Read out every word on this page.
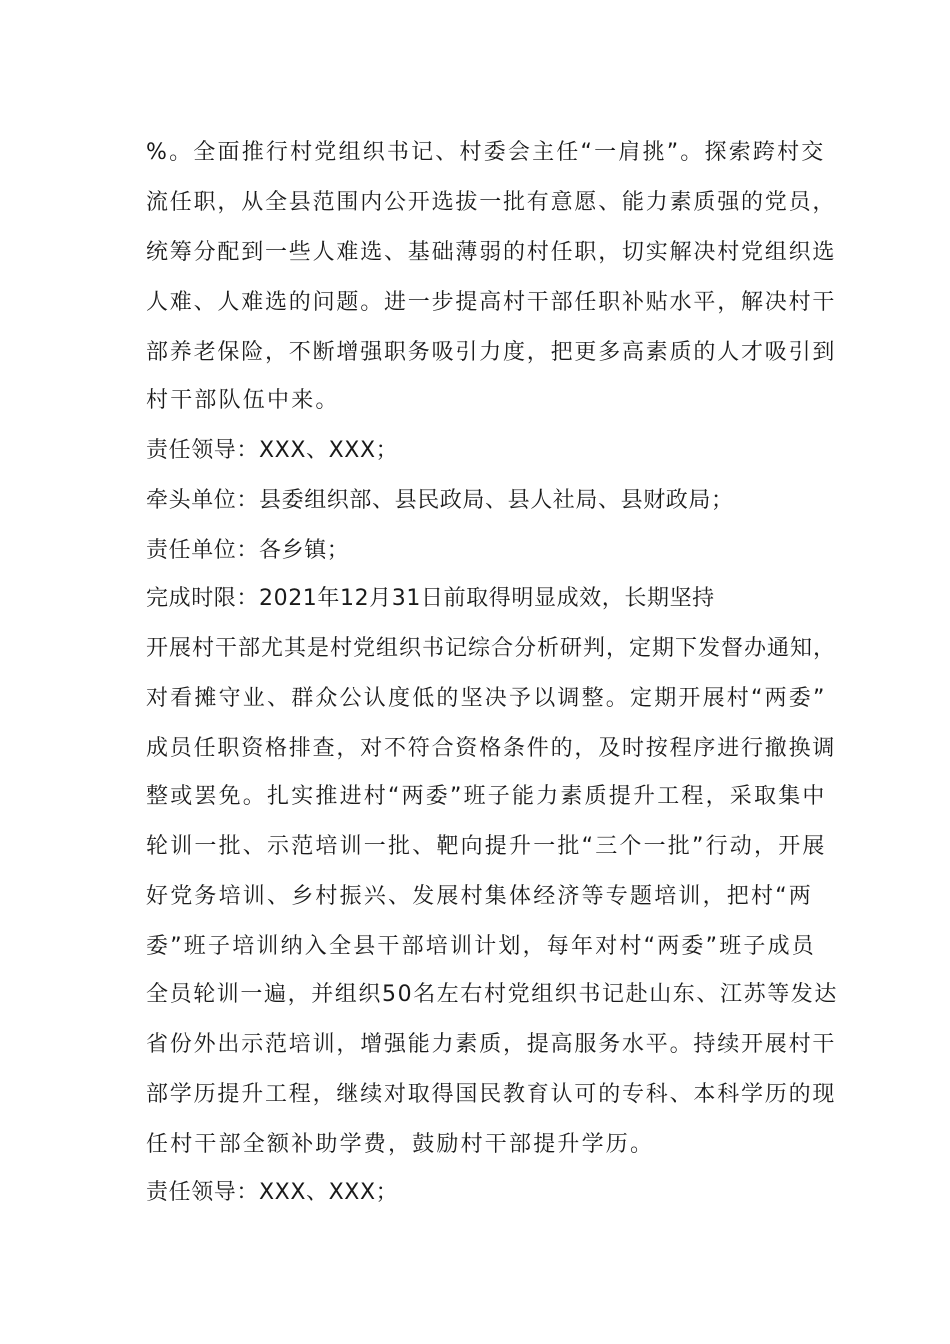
%。全面推行村党组织书记、村委会主任“一肩挑”。探索跨村交
流任职，从全县范围内公开选拔一批有意愿、能力素质强的党员，
统筹分配到一些人难选、基础薄弱的村任职，切实解决村党组织选
人难、人难选的问题。进一步提高村干部任职补贴水平，解决村干
部养老保险，不断增强职务吸引力度，把更多高素质的人才吸引到
村干部队伍中来。
责任领导：XXX、XXX；
牵头单位：县委组织部、县民政局、县人社局、县财政局；
责任单位：各乡镇；
完成时限：2021年12月31日前取得明显成效，长期坚持
开展村干部尤其是村党组织书记综合分析研判，定期下发督办通知，
对看摊守业、群众公认度低的坚决予以调整。定期开展村“两委”
成员任职资格排查，对不符合资格条件的，及时按程序进行撤换调
整或罢免。扎实推进村“两委”班子能力素质提升工程，采取集中
轮训一批、示范培训一批、靶向提升一批“三个一批”行动，开展
好党务培训、乡村振兴、发展村集体经济等专题培训，把村“两
委”班子培训纳入全县干部培训计划，每年对村“两委”班子成员
全员轮训一遍，并组织50名左右村党组织书记赴山东、江苏等发达
省份外出示范培训，增强能力素质，提高服务水平。持续开展村干
部学历提升工程，继续对取得国民教育认可的专科、本科学历的现
任村干部全额补助学费，鼓励村干部提升学历。
责任领导：XXX、XXX；
